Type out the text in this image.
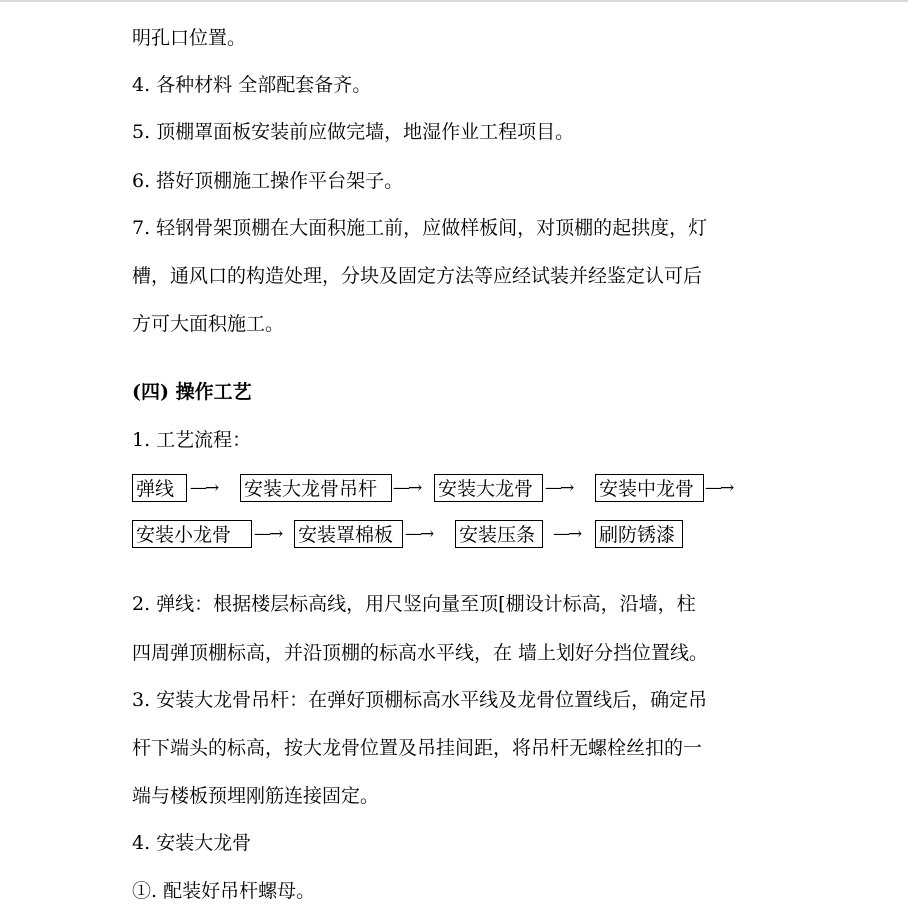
明孔口位置。
4. 各种材料 全部配套备齐。
5. 顶棚罩面板安装前应做完墙，地湿作业工程项目。
6. 搭好顶棚施工操作平台架子。
7. 轻钢骨架顶棚在大面积施工前，应做样板间，对顶棚的起拱度，灯
槽，通风口的构造处理，分块及固定方法等应经试装并经鉴定认可后
方可大面积施工。
(四) 操作工艺
1. 工艺流程：
弹线 —→ 安装大龙骨吊杆 —→ 安装大龙骨 —→ 安装中龙骨 —→
安装小龙骨	—→ 安装罩棉板 —→ 安装压条	—→ 刷防锈漆
2. 弹线：根据楼层标高线，用尺竖向量至顶[棚设计标高，沿墙，柱
四周弹顶棚标高，并沿顶棚的标高水平线，在 墙上划好分挡位置线。
3. 安装大龙骨吊杆：在弹好顶棚标高水平线及龙骨位置线后，确定吊
杆下端头的标高，按大龙骨位置及吊挂间距，将吊杆无螺栓丝扣的一
端与楼板预埋刚筋连接固定。
4. 安装大龙骨
①. 配装好吊杆螺母。
